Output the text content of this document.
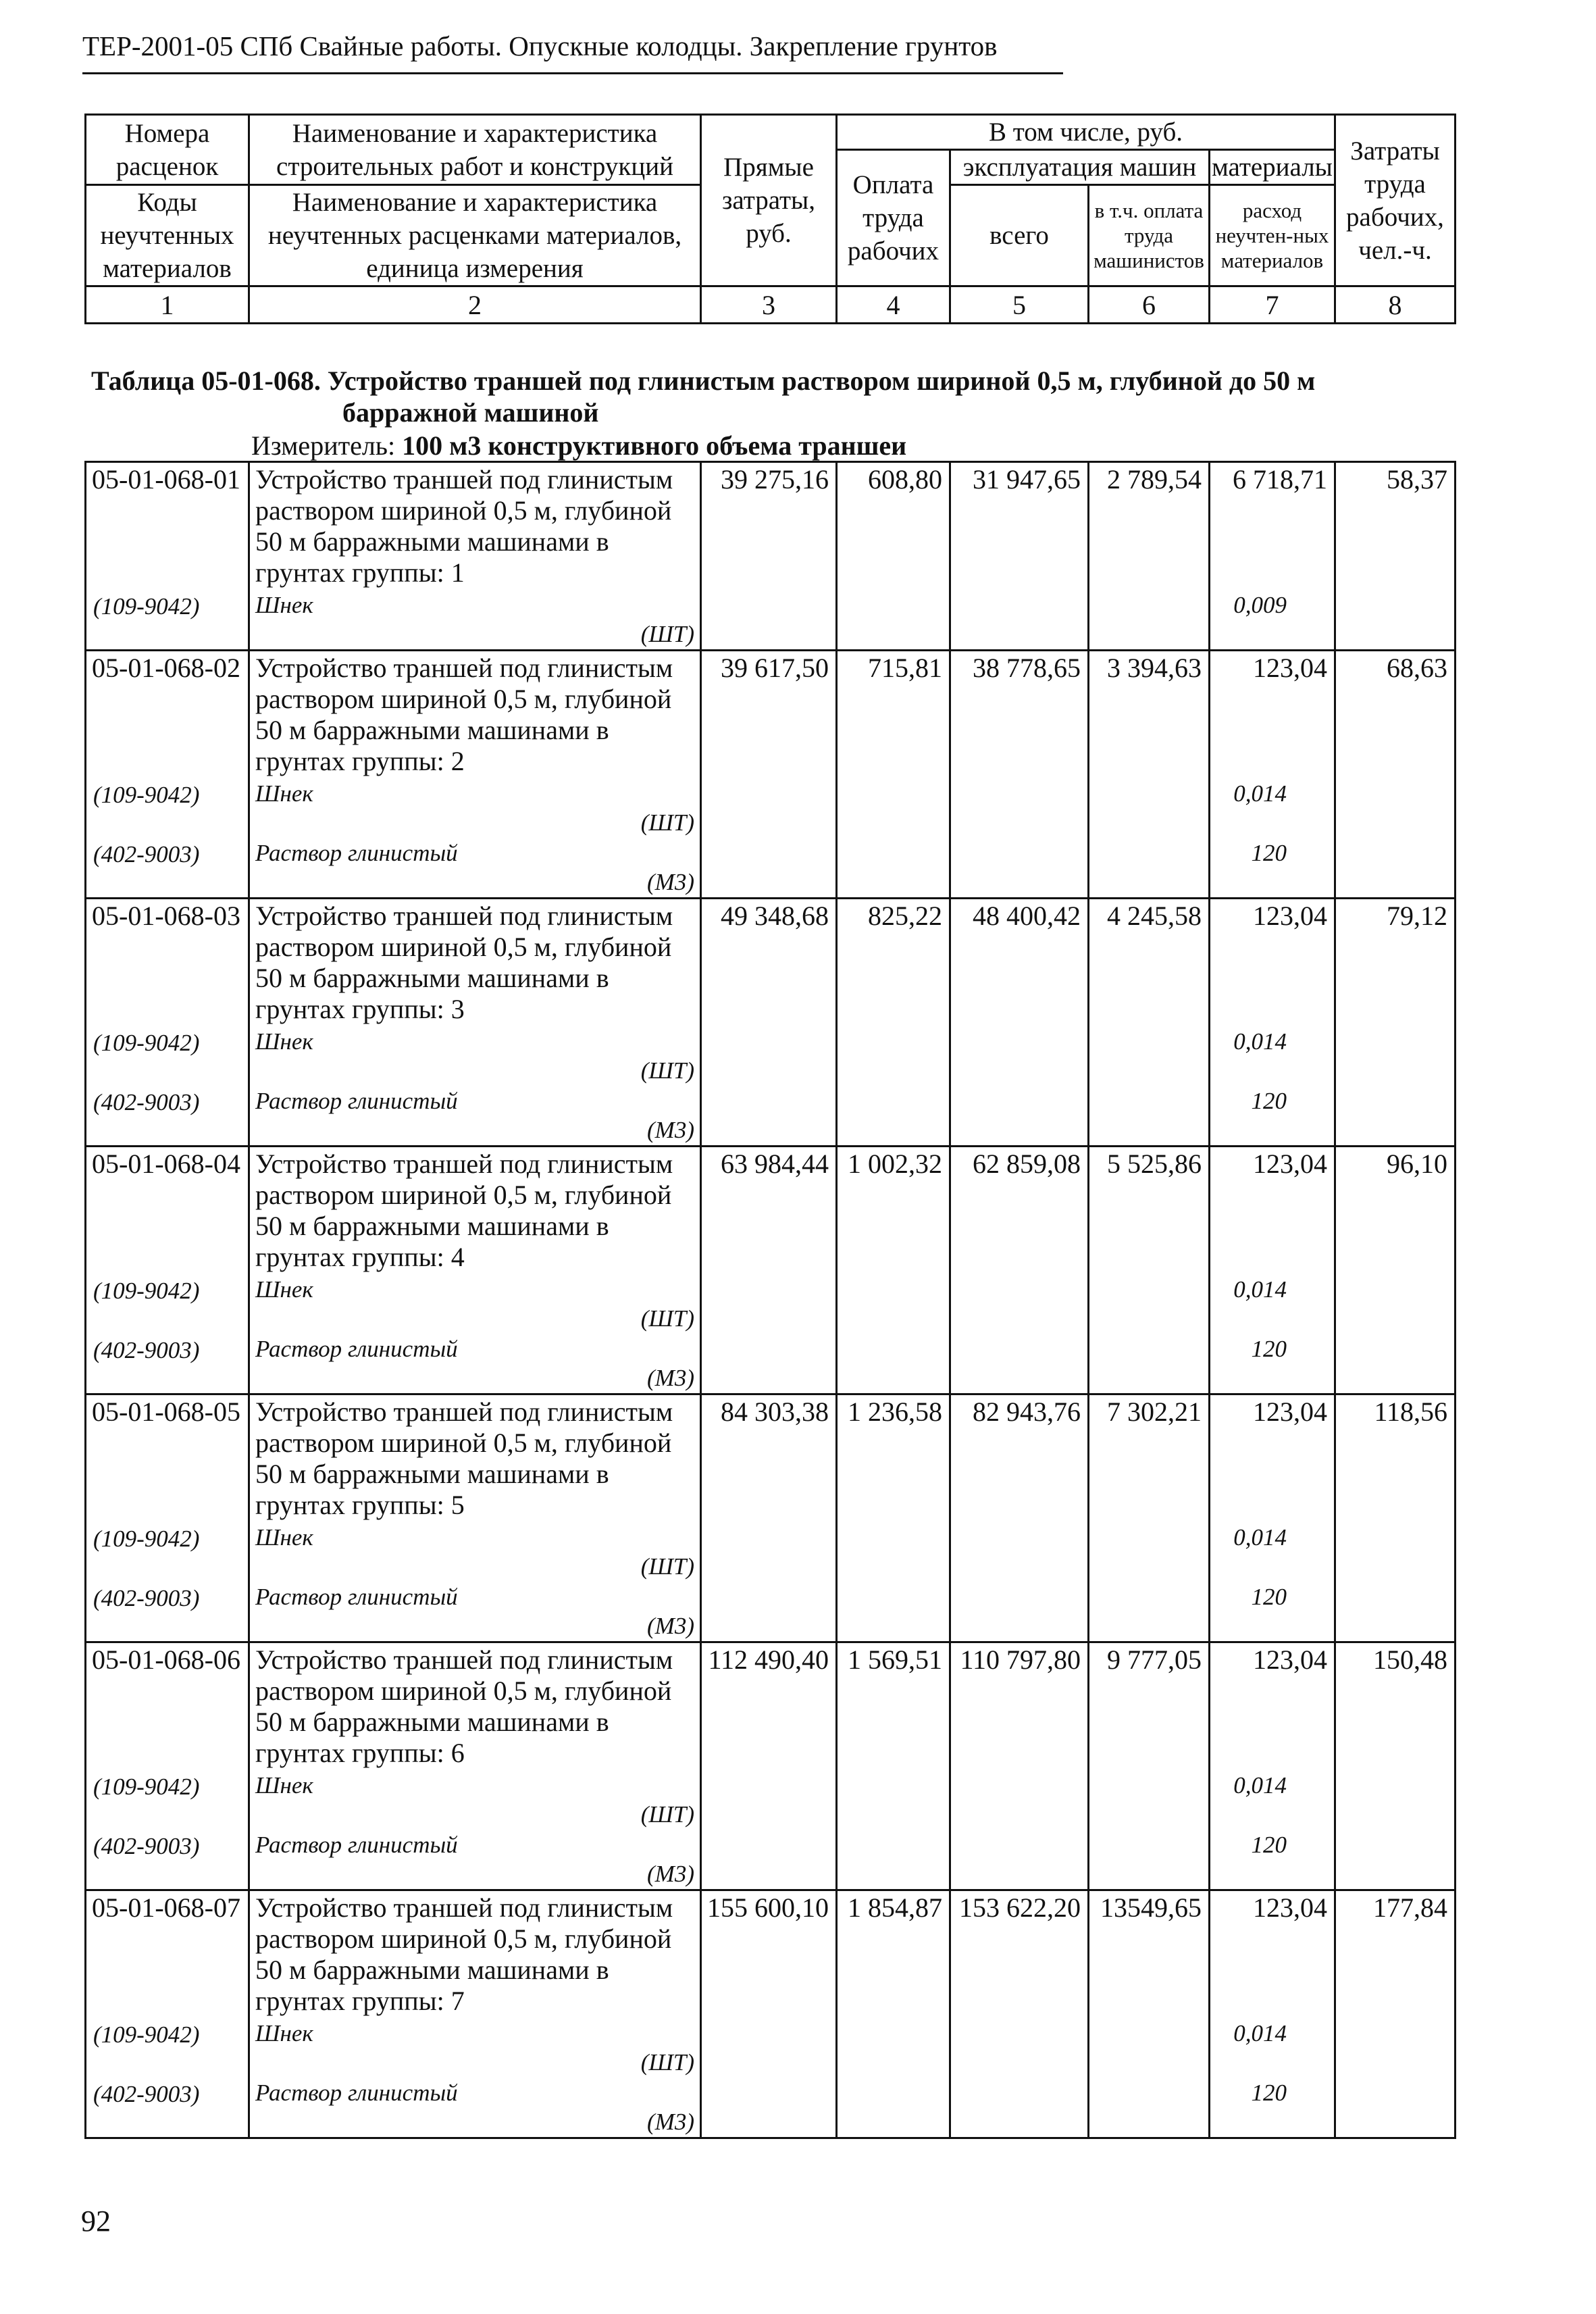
ТЕР-2001-05 СПб Свайные работы. Опускные колодцы. Закрепление грунтов
Номера расценок	Наименование и характеристика строительных работ и конструкций	Прямые затраты, руб.	В том числе, руб.				Затраты труда рабочих, чел.-ч.
			Оплата труда рабочих	эксплуатация машин		материалы	
Коды неучтенных материалов	Наименование и характеристика неучтенных расценками материалов, единица измерения			всего	в т.ч. оплата труда машинистов	расход неучтен-ных материалов	

1	2	3	4	5	6	7	8
Таблица 05-01-068. Устройство траншей под глинистым раствором шириной 0,5 м, глубиной до 50 м
барражной машиной
Измеритель: 100 м3 конструктивного объема траншеи
05-01-068-01	Устройство траншей под глинистым раствором шириной 0,5 м, глубиной 50 м барражными машинами в грунтах группы: 1	39 275,16	608,80	31 947,65	2 789,54	6 718,71	58,37
(109-9042)	Шнек
(ШТ)					0,009	

05-01-068-02	Устройство траншей под глинистым раствором шириной 0,5 м, глубиной 50 м барражными машинами в грунтах группы: 2	39 617,50	715,81	38 778,65	3 394,63	123,04	68,63
(109-9042)	Шнек
(ШТ)					0,014	

(402-9003)	Раствор глинистый
(М3)					120	

05-01-068-03	Устройство траншей под глинистым раствором шириной 0,5 м, глубиной 50 м барражными машинами в грунтах группы: 3	49 348,68	825,22	48 400,42	4 245,58	123,04	79,12
(109-9042)	Шнек
(ШТ)					0,014	

(402-9003)	Раствор глинистый
(М3)					120	

05-01-068-04	Устройство траншей под глинистым раствором шириной 0,5 м, глубиной 50 м барражными машинами в грунтах группы: 4	63 984,44	1 002,32	62 859,08	5 525,86	123,04	96,10
(109-9042)	Шнек
(ШТ)					0,014	

(402-9003)	Раствор глинистый
(М3)					120	

05-01-068-05	Устройство траншей под глинистым раствором шириной 0,5 м, глубиной 50 м барражными машинами в грунтах группы: 5	84 303,38	1 236,58	82 943,76	7 302,21	123,04	118,56
(109-9042)	Шнек
(ШТ)					0,014	

(402-9003)	Раствор глинистый
(М3)					120	

05-01-068-06	Устройство траншей под глинистым раствором шириной 0,5 м, глубиной 50 м барражными машинами в грунтах группы: 6	112 490,40	1 569,51	110 797,80	9 777,05	123,04	150,48
(109-9042)	Шнек
(ШТ)					0,014	

(402-9003)	Раствор глинистый
(М3)					120	

05-01-068-07	Устройство траншей под глинистым раствором шириной 0,5 м, глубиной 50 м барражными машинами в грунтах группы: 7	155 600,10	1 854,87	153 622,20	13549,65	123,04	177,84
(109-9042)	Шнек
(ШТ)					0,014	

(402-9003)	Раствор глинистый
(М3)					120	

92
